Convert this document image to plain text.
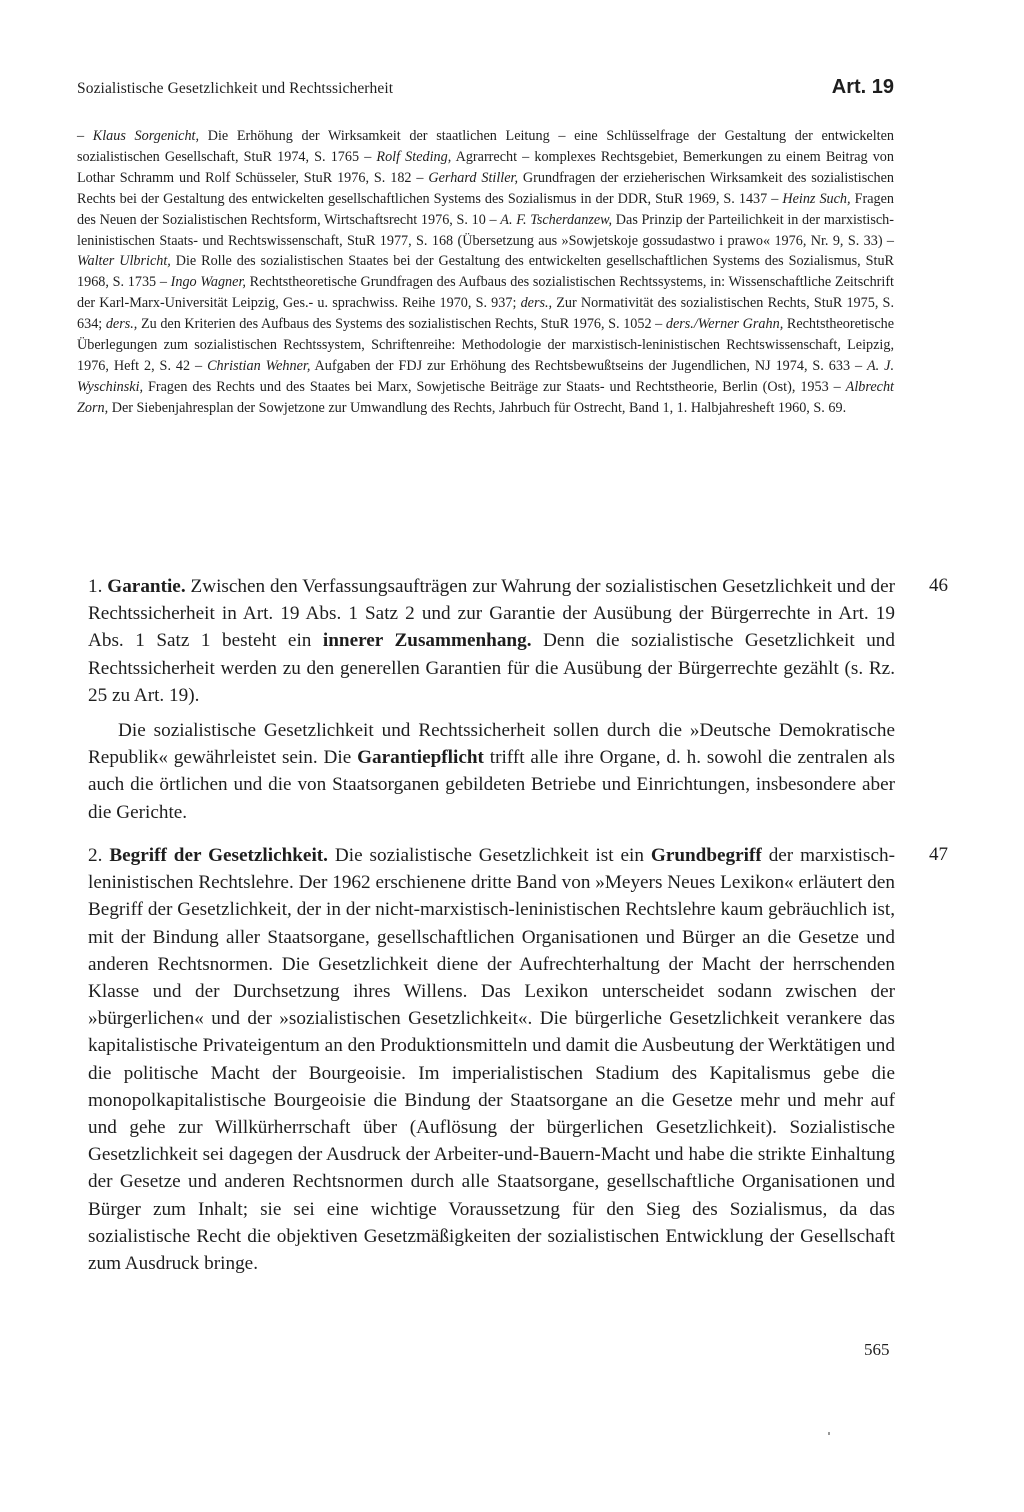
Sozialistische Gesetzlichkeit und Rechtssicherheit	Art. 19
– Klaus Sorgenicht, Die Erhöhung der Wirksamkeit der staatlichen Leitung – eine Schlüsselfrage der Gestaltung der entwickelten sozialistischen Gesellschaft, StuR 1974, S. 1765 – Rolf Steding, Agrarrecht – komplexes Rechtsgebiet, Bemerkungen zu einem Beitrag von Lothar Schramm und Rolf Schüsseler, StuR 1976, S. 182 – Gerhard Stiller, Grundfragen der erzieherischen Wirksamkeit des sozialistischen Rechts bei der Gestaltung des entwickelten gesellschaftlichen Systems des Sozialismus in der DDR, StuR 1969, S. 1437 – Heinz Such, Fragen des Neuen der Sozialistischen Rechtsform, Wirtschaftsrecht 1976, S. 10 – A. F. Tscherdanzew, Das Prinzip der Parteilichkeit in der marxistisch- leninistischen Staats- und Rechtswissenschaft, StuR 1977, S. 168 (Übersetzung aus »Sowjetskoje gossudastwo i prawo« 1976, Nr. 9, S. 33) – Walter Ulbricht, Die Rolle des sozialistischen Staates bei der Gestaltung des entwickelten gesellschaftlichen Systems des Sozialismus, StuR 1968, S. 1735 – Ingo Wagner, Rechtstheoretische Grundfragen des Aufbaus des sozialistischen Rechtssystems, in: Wissenschaftliche Zeitschrift der Karl-Marx-Universität Leipzig, Ges.- u. sprachwiss. Reihe 1970, S. 937; ders., Zur Normativität des sozialistischen Rechts, StuR 1975, S. 634; ders., Zu den Kriterien des Aufbaus des Systems des sozialistischen Rechts, StuR 1976, S. 1052 – ders./Werner Grahn, Rechtstheoretische Überlegungen zum sozialistischen Rechtssystem, Schriftenreihe: Methodologie der marxistisch-leninistischen Rechtswissenschaft, Leipzig, 1976, Heft 2, S. 42 – Christian Wehner, Aufgaben der FDJ zur Erhöhung des Rechtsbewußtseins der Jugendlichen, NJ 1974, S. 633 – A. J. Wyschinski, Fragen des Rechts und des Staates bei Marx, Sowjetische Beiträge zur Staats- und Rechtstheorie, Berlin (Ost), 1953 – Albrecht Zorn, Der Siebenjahresplan der Sowjetzone zur Umwandlung des Rechts, Jahrbuch für Ostrecht, Band 1, 1. Halbjahresheft 1960, S. 69.

1. Garantie. Zwischen den Verfassungsaufträgen zur Wahrung der sozialistischen Gesetzlichkeit und der Rechtssicherheit in Art. 19 Abs. 1 Satz 2 und zur Garantie der Ausübung der Bürgerrechte in Art. 19 Abs. 1 Satz 1 besteht ein innerer Zusammenhang. Denn die sozialistische Gesetzlichkeit und Rechtssicherheit werden zu den generellen Garantien für die Ausübung der Bürgerrechte gezählt (s. Rz. 25 zu Art. 19).

Die sozialistische Gesetzlichkeit und Rechtssicherheit sollen durch die »Deutsche Demokratische Republik« gewährleistet sein. Die Garantiepflicht trifft alle ihre Organe, d. h. sowohl die zentralen als auch die örtlichen und die von Staatsorganen gebildeten Betriebe und Einrichtungen, insbesondere aber die Gerichte.

46

2. Begriff der Gesetzlichkeit. Die sozialistische Gesetzlichkeit ist ein Grundbegriff der marxistisch-leninistischen Rechtslehre. Der 1962 erschienene dritte Band von »Meyers Neues Lexikon« erläutert den Begriff der Gesetzlichkeit, der in der nicht-marxistisch-leninistischen Rechtslehre kaum gebräuchlich ist, mit der Bindung aller Staatsorgane, gesellschaftlichen Organisationen und Bürger an die Gesetze und anderen Rechtsnormen. Die Gesetzlichkeit diene der Aufrechterhaltung der Macht der herrschenden Klasse und der Durchsetzung ihres Willens. Das Lexikon unterscheidet sodann zwischen der »bürgerlichen« und der »sozialistischen Gesetzlichkeit«. Die bürgerliche Gesetzlichkeit verankere das kapitalistische Privateigentum an den Produktionsmitteln und damit die Ausbeutung der Werktätigen und die politische Macht der Bourgeoisie. Im imperialistischen Stadium des Kapitalismus gebe die monopolkapitalistische Bourgeoisie die Bindung der Staatsorgane an die Gesetze mehr und mehr auf und gehe zur Willkürherrschaft über (Auflösung der bürgerlichen Gesetzlichkeit). Sozialistische Gesetzlichkeit sei dagegen der Ausdruck der Arbeiter-und-Bauern-Macht und habe die strikte Einhaltung der Gesetze und anderen Rechtsnormen durch alle Staatsorgane, gesellschaftliche Organisationen und Bürger zum Inhalt; sie sei eine wichtige Voraussetzung für den Sieg des Sozialismus, da das sozialistische Recht die objektiven Gesetzmäßigkeiten der sozialistischen Entwicklung der Gesellschaft zum Ausdruck bringe.

47
565
